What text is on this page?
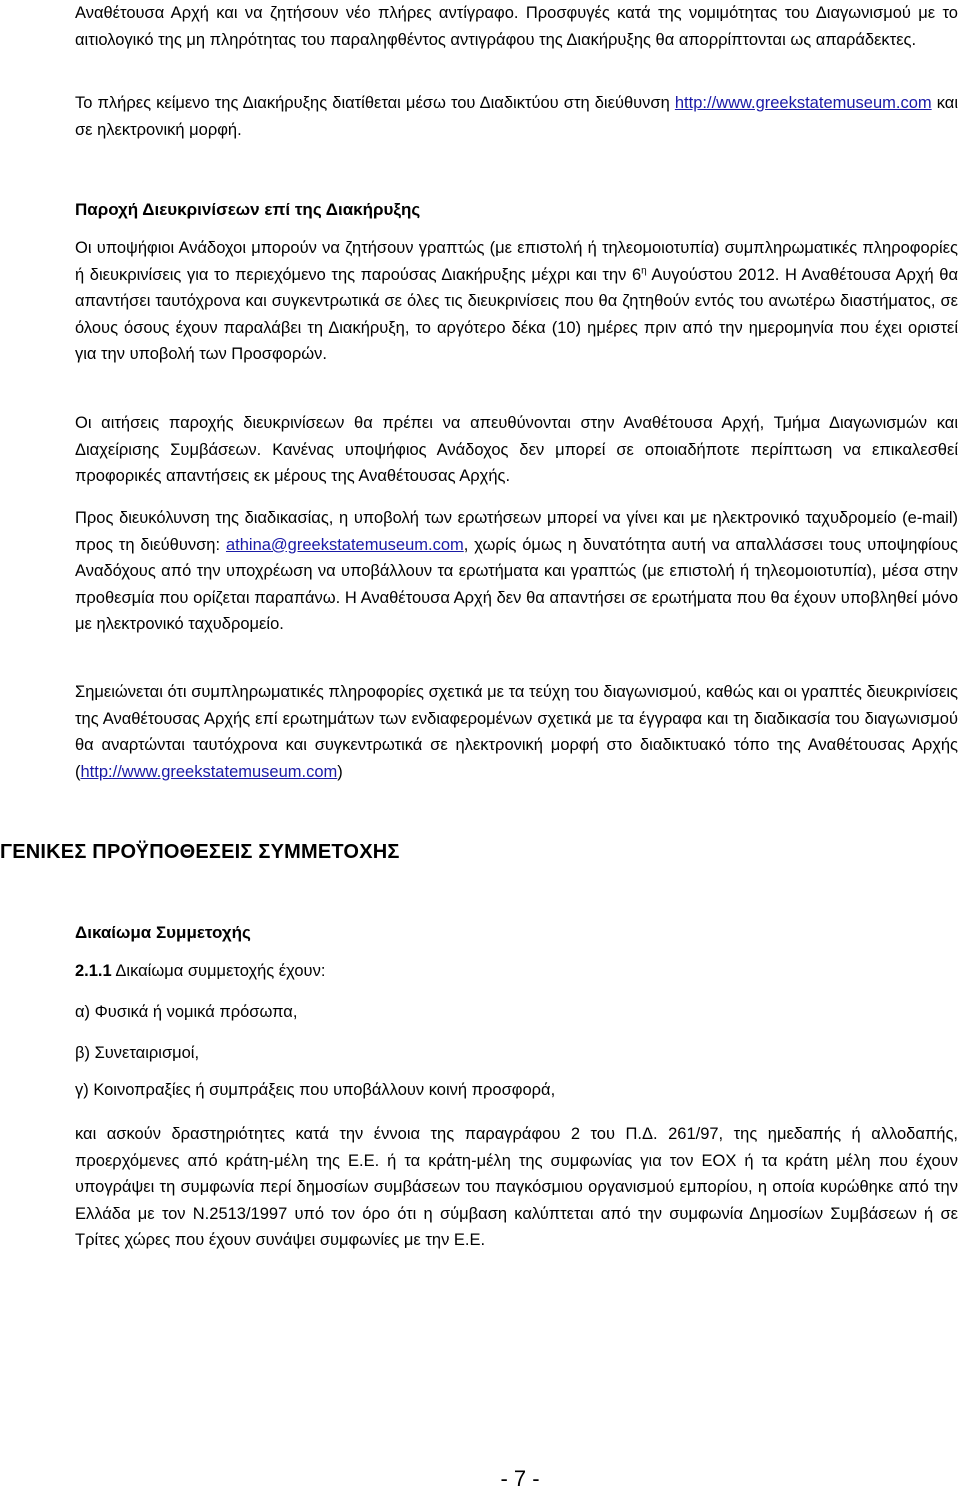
Αναθέτουσα Αρχή και να ζητήσουν νέο πλήρες αντίγραφο. Προσφυγές κατά της νομιμότητας του Διαγωνισμού με το αιτιολογικό της μη πληρότητας του παραληφθέντος αντιγράφου της Διακήρυξης θα απορρίπτονται ως απαράδεκτες.

Το πλήρες κείμενο της Διακήρυξης διατίθεται μέσω του Διαδικτύου στη διεύθυνση http://www.greekstatemuseum.com και σε ηλεκτρονική μορφή.

Παροχή Διευκρινίσεων επί της Διακήρυξης

Οι υποψήφιοι Ανάδοχοι μπορούν να ζητήσουν γραπτώς (με επιστολή ή τηλεομοιοτυπία) συμπληρωματικές πληροφορίες ή διευκρινίσεις για το περιεχόμενο της παρούσας Διακήρυξης μέχρι και την $6^\eta$ Αυγούστου 2012. Η Αναθέτουσα Αρχή θα απαντήσει ταυτόχρονα και συγκεντρωτικά σε όλες τις διευκρινίσεις που θα ζητηθούν εντός του ανωτέρω διαστήματος, σε όλους όσους έχουν παραλάβει τη Διακήρυξη, το αργότερο δέκα (10) ημέρες πριν από την ημερομηνία που έχει οριστεί για την υποβολή των Προσφορών.

Οι αιτήσεις παροχής διευκρινίσεων θα πρέπει να απευθύνονται στην Αναθέτουσα Αρχή, Τμήμα Διαγωνισμών και Διαχείρισης Συμβάσεων. Κανένας υποψήφιος Ανάδοχος δεν μπορεί σε οποιαδήποτε περίπτωση να επικαλεσθεί προφορικές απαντήσεις εκ μέρους της Αναθέτουσας Αρχής.

Προς διευκόλυνση της διαδικασίας, η υποβολή των ερωτήσεων μπορεί να γίνει και με ηλεκτρονικό ταχυδρομείο (e-mail) προς τη διεύθυνση: athina@greekstatemuseum.com, χωρίς όμως η δυνατότητα αυτή να απαλλάσσει τους υποψηφίους Αναδόχους από την υποχρέωση να υποβάλλουν τα ερωτήματα και γραπτώς (με επιστολή ή τηλεομοιοτυπία), μέσα στην προθεσμία που ορίζεται παραπάνω. Η Αναθέτουσα Αρχή δεν θα απαντήσει σε ερωτήματα που θα έχουν υποβληθεί μόνο με ηλεκτρονικό ταχυδρομείο.

Σημειώνεται ότι συμπληρωματικές πληροφορίες σχετικά με τα τεύχη του διαγωνισμού, καθώς και οι γραπτές διευκρινίσεις της Αναθέτουσας Αρχής επί ερωτημάτων των ενδιαφερομένων σχετικά με τα έγγραφα και τη διαδικασία του διαγωνισμού θα αναρτώνται ταυτόχρονα και συγκεντρωτικά σε ηλεκτρονική μορφή στο διαδικτυακό τόπο της Αναθέτουσας Αρχής (http://www.greekstatemuseum.com)

ΓΕΝΙΚΕΣ ΠΡΟΫΠΟΘΕΣΕΙΣ ΣΥΜΜΕΤΟΧΗΣ
Δικαίωμα Συμμετοχής

2.1.1 Δικαίωμα συμμετοχής έχουν:

α) Φυσικά ή νομικά πρόσωπα,

β) Συνεταιρισμοί,

γ) Κοινοπραξίες ή συμπράξεις που υποβάλλουν κοινή προσφορά,

και ασκούν δραστηριότητες κατά την έννοια της παραγράφου 2 του Π.Δ. 261/97, της ημεδαπής ή αλλοδαπής, προερχόμενες από κράτη-μέλη της Ε.Ε. ή τα κράτη-μέλη της συμφωνίας για τον ΕΟΧ ή τα κράτη μέλη που έχουν υπογράψει τη συμφωνία περί δημοσίων συμβάσεων του παγκόσμιου οργανισμού εμπορίου, η οποία κυρώθηκε από την Ελλάδα με τον Ν.2513/1997 υπό τον όρο ότι η σύμβαση καλύπτεται από την συμφωνία Δημοσίων Συμβάσεων ή σε Τρίτες χώρες που έχουν συνάψει συμφωνίες με την Ε.Ε.

- 7 -
